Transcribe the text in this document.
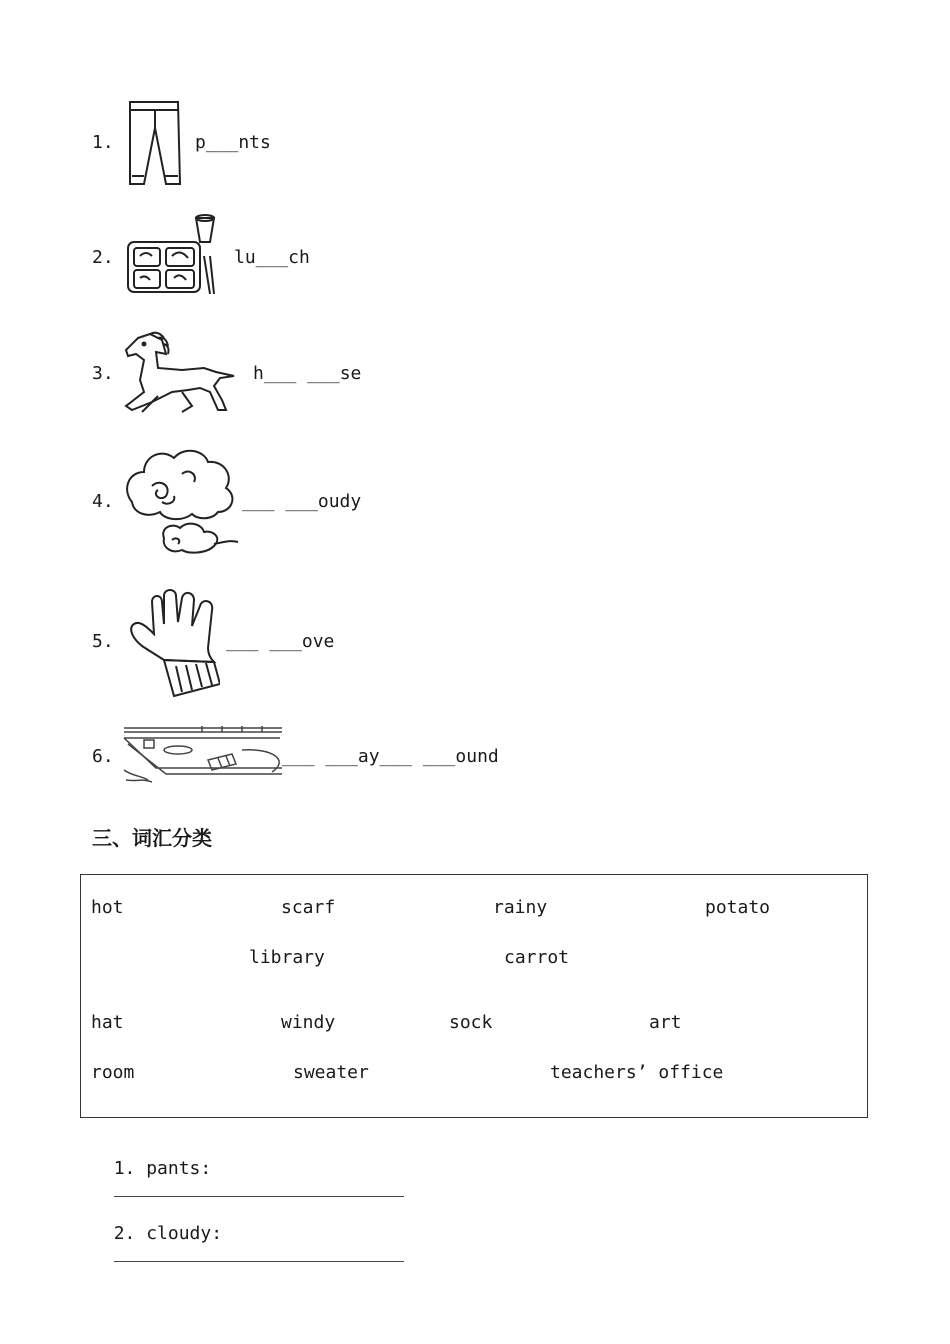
1.	p___nts
2.	lu___ch
3.	h___ ___se
4.	___ ___oudy
5.	___ ___ove
6.	___ ___ay___ ___ound
三、词汇分类
hot	scarf	rainy	potato
library	carrot
hat	windy	sock	art
room	sweater	teachers’ office

1. pants:

2. cloudy:
